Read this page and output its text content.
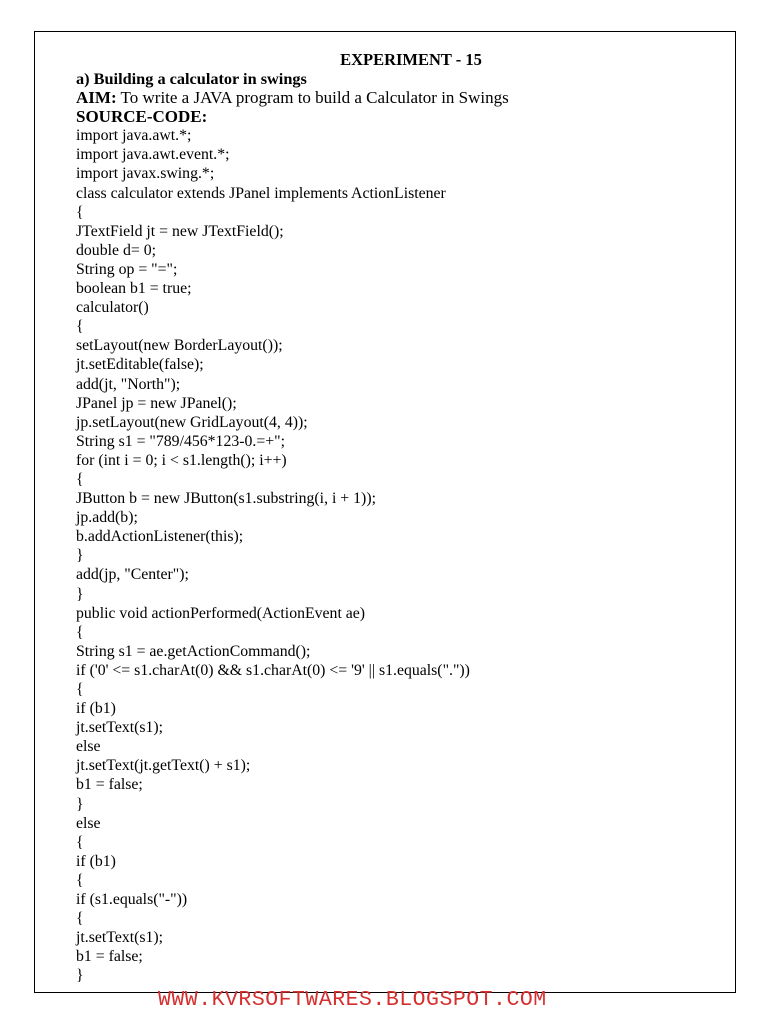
EXPERIMENT - 15
a) Building a calculator in swings
AIM: To write a JAVA program to build a Calculator in Swings
SOURCE-CODE:
import java.awt.*;
import java.awt.event.*;
import javax.swing.*;
class calculator extends JPanel implements ActionListener
{
JTextField jt = new JTextField();
double d= 0;
String op = "=";
boolean b1 = true;
calculator()
{
setLayout(new BorderLayout());
jt.setEditable(false);
add(jt, "North");
JPanel jp = new JPanel();
jp.setLayout(new GridLayout(4, 4));
String s1 = "789/456*123-0.=+";
for (int i = 0; i < s1.length(); i++)
{
JButton b = new JButton(s1.substring(i, i + 1));
jp.add(b);
b.addActionListener(this);
}
add(jp, "Center");
}
public void actionPerformed(ActionEvent ae)
{
String s1 = ae.getActionCommand();
if ('0' <= s1.charAt(0) && s1.charAt(0) <= '9' || s1.equals("."))
{
if (b1)
jt.setText(s1);
else
jt.setText(jt.getText() + s1);
b1 = false;
}
else
{
if (b1)
{
if (s1.equals("-"))
{
jt.setText(s1);
b1 = false;
}
WWW.KVRSOFTWARES.BLOGSPOT.COM
